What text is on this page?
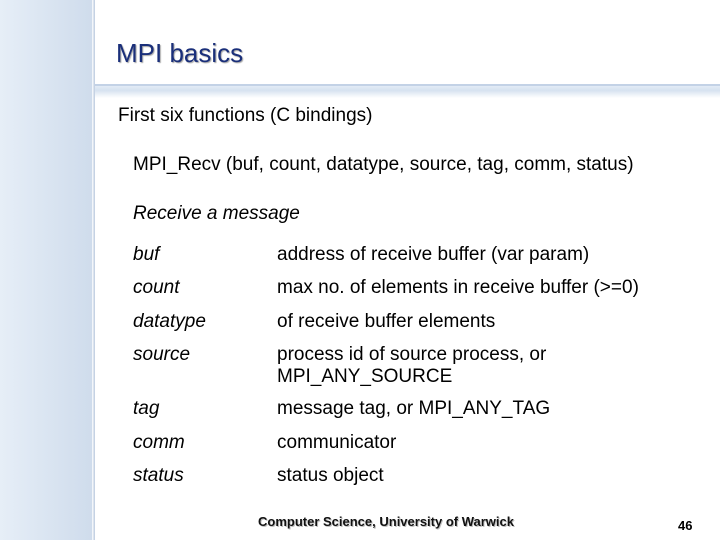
MPI basics
First six functions (C bindings)
MPI_Recv (buf, count, datatype, source, tag, comm, status)
Receive a message
buf	address of receive buffer (var param)
count	max no. of elements in receive buffer (>=0)
datatype	of receive buffer elements
source	process id of source process, or MPI_ANY_SOURCE
tag	message tag, or MPI_ANY_TAG
comm	communicator
status	status object
Computer Science, University of Warwick	46
